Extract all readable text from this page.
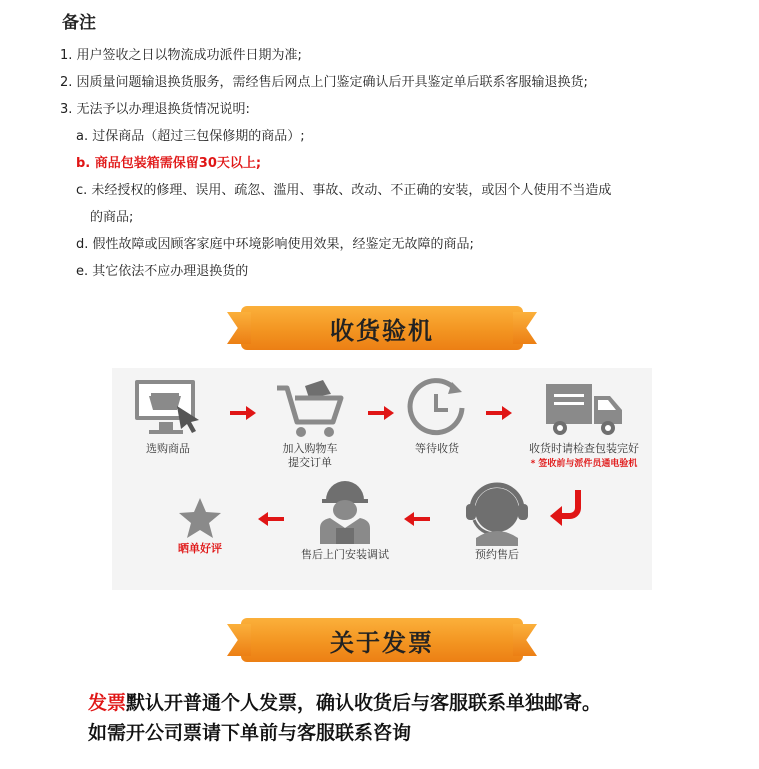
备注
1. 用户签收之日以物流成功派件日期为准;
2. 因质量问题输退换货服务，需经售后网点上门鉴定确认后开具鉴定单后联系客服输退换货;
3. 无法予以办理退换货情况说明:
a. 过保商品（超过三包保修期的商品）;
b. 商品包装箱需保留30天以上;
c. 未经授权的修理、误用、疏忽、滥用、事故、改动、不正确的安装，或因个人使用不当造成
的商品;
d. 假性故障或因顾客家庭中环境影响使用效果，经鉴定无故障的商品;
e. 其它依法不应办理退换货的
收货验机
选购商品	加入购物车
提交订单
等待收货	收货时请检查包装完好
* 签收前与派件员通电验机
预约售后
售后上门安装调试
晒单好评
关于发票
发票默认开普通个人发票，确认收货后与客服联系单独邮寄。
如需开公司票请下单前与客服联系咨询
